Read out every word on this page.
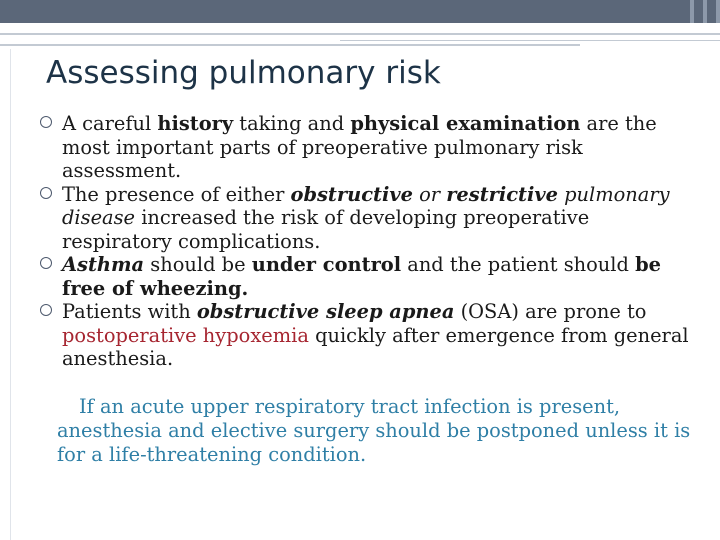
Assessing pulmonary risk
A careful history taking and physical examination are the most important parts of preoperative pulmonary risk assessment.
The presence of either obstructive or restrictive pulmonary disease increased the risk of developing preoperative respiratory complications.
Asthma should be under control and the patient should be free of wheezing.
Patients with obstructive sleep apnea (OSA) are prone to postoperative hypoxemia quickly after emergence from general anesthesia.
If an acute upper respiratory tract infection is present, anesthesia and elective surgery should be postponed unless it is for a life-threatening condition.
